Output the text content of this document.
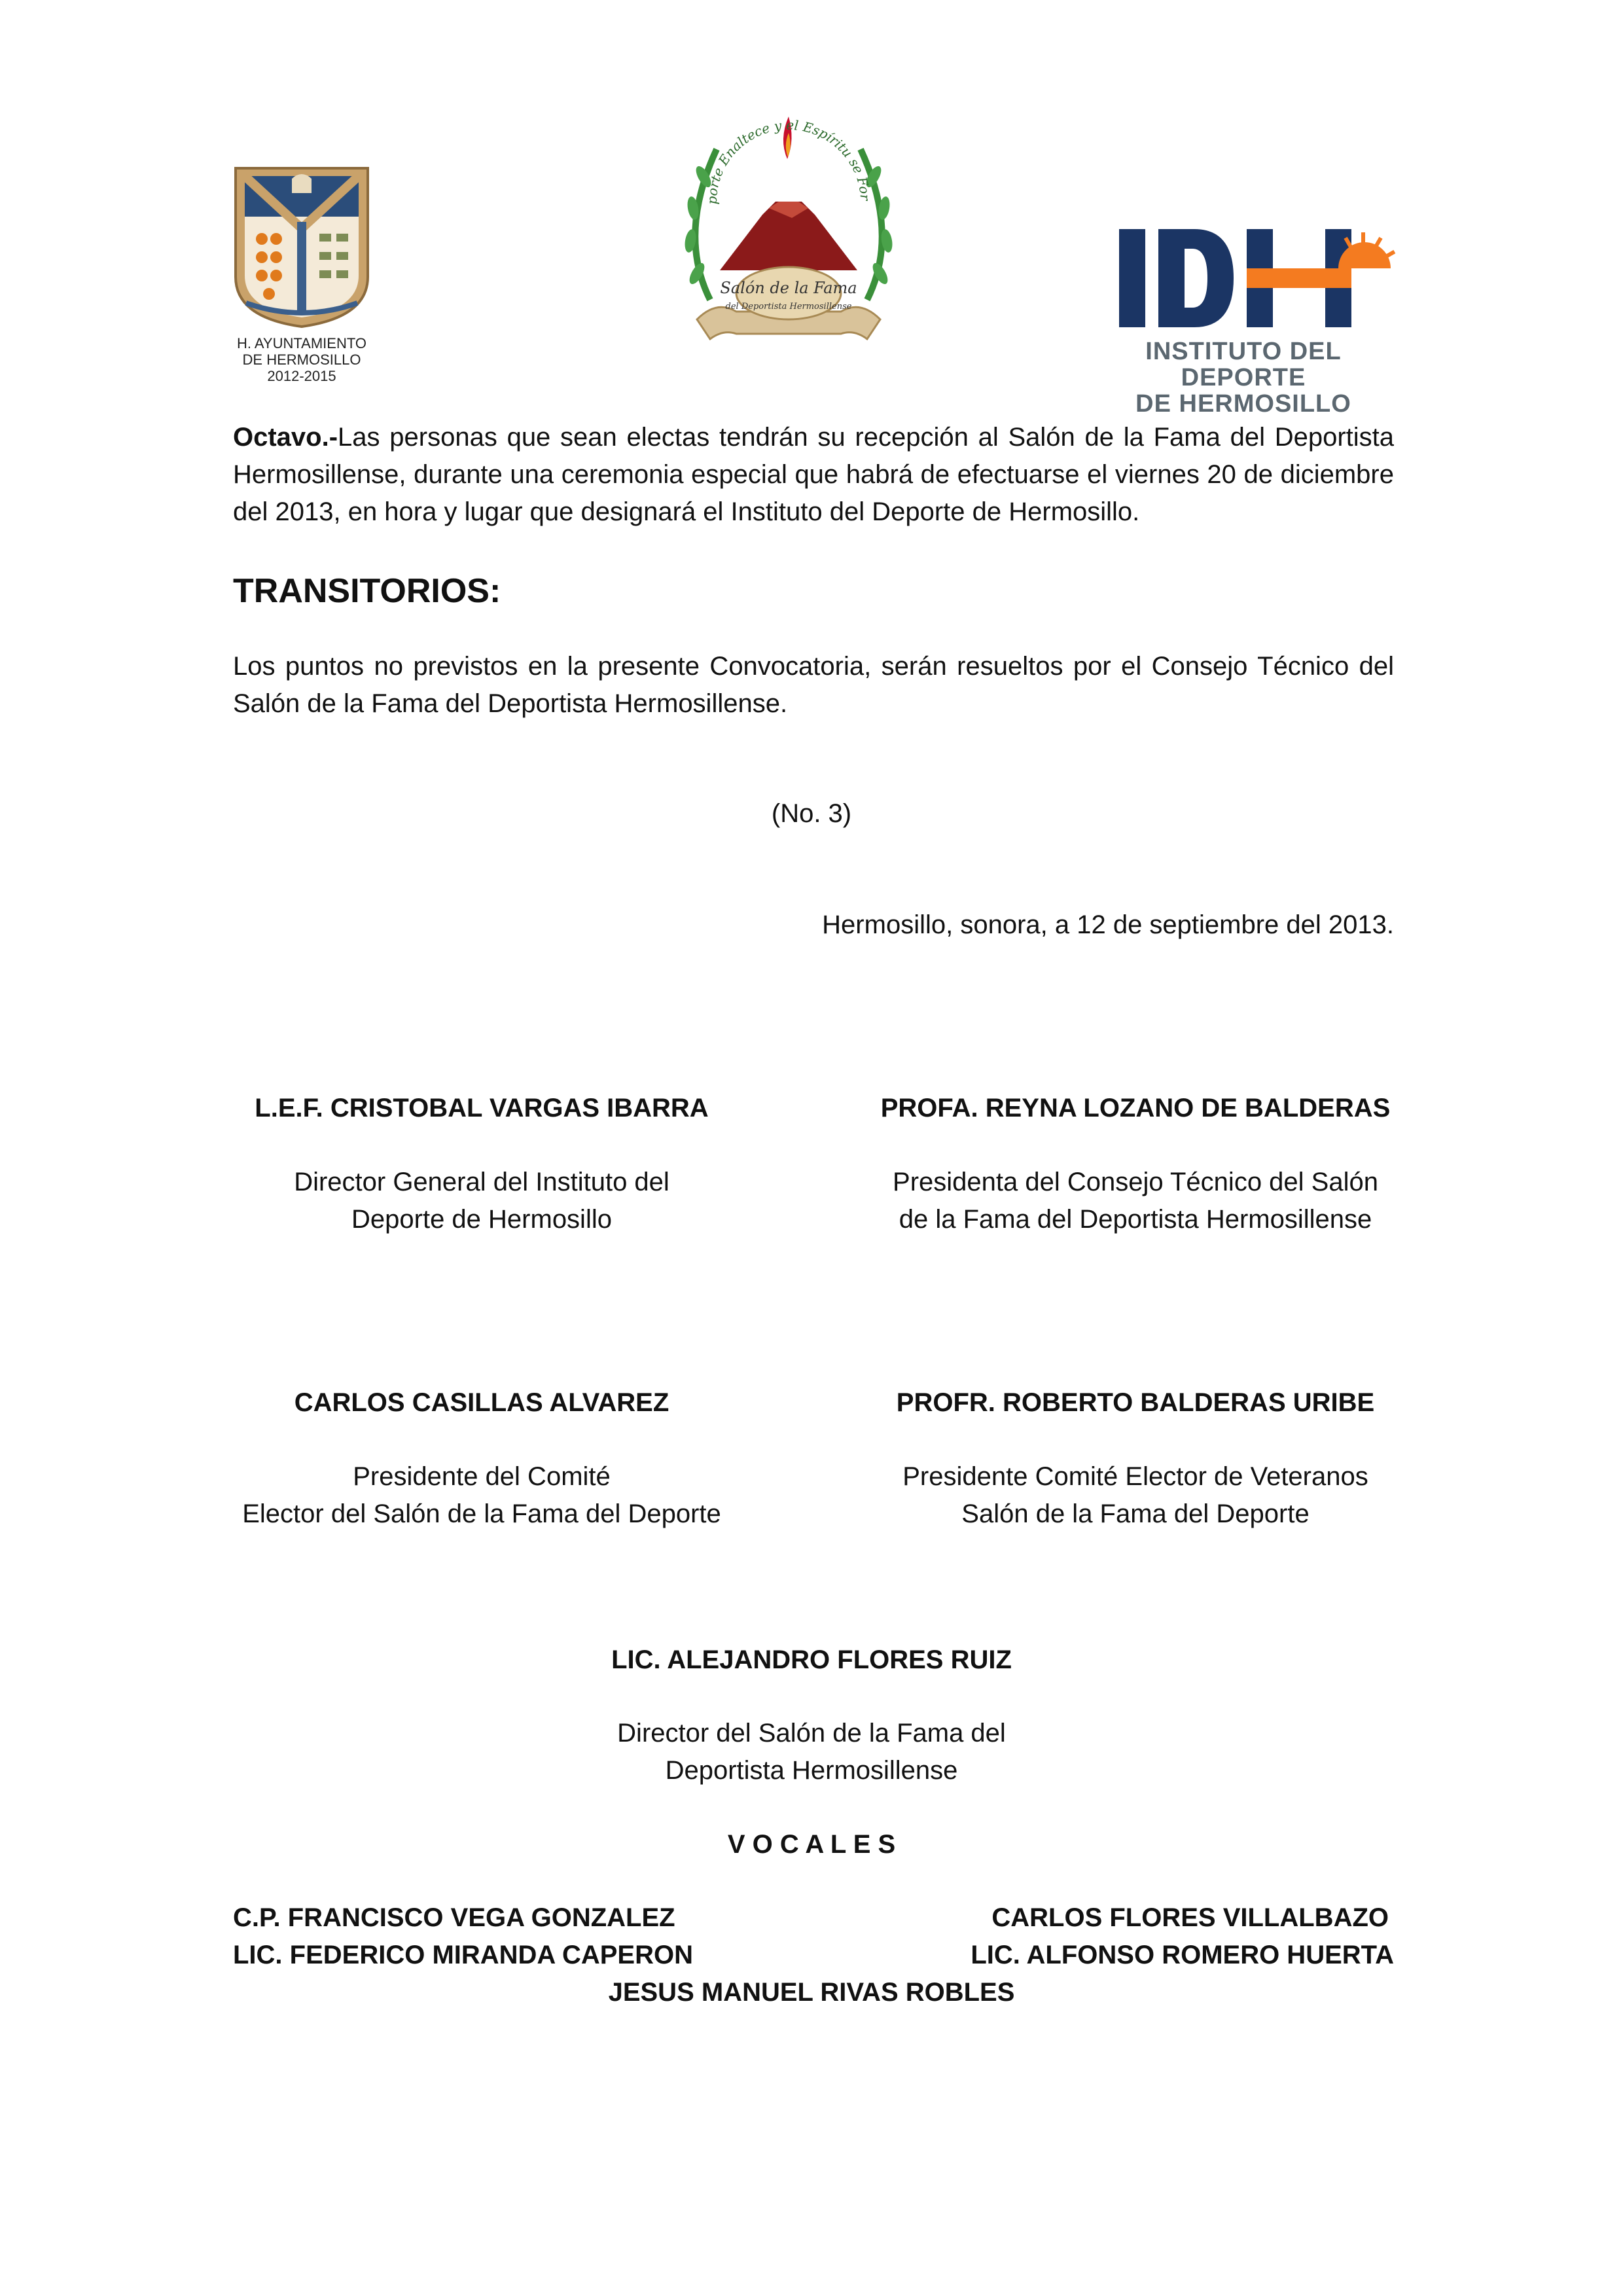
H. AYUNTAMIENTO
DE HERMOSILLO
2012-2015
porte Enaltece y el Espíritu se For
Salón de la Fama
del Deportista Hermosillense
INSTITUTO DEL DEPORTE
DE HERMOSILLO
Octavo.-Las personas que sean electas tendrán su recepción al Salón de la Fama del Deportista Hermosillense, durante una ceremonia especial que habrá de efectuarse el viernes 20 de diciembre del 2013, en hora y lugar que designará el Instituto del Deporte de Hermosillo.
TRANSITORIOS:
Los puntos no previstos en la presente Convocatoria, serán resueltos por el Consejo Técnico del Salón de la Fama del Deportista Hermosillense.
(No. 3)
Hermosillo, sonora, a 12 de septiembre del 2013.
L.E.F. CRISTOBAL VARGAS IBARRA
Director General del Instituto del
Deporte de Hermosillo
PROFA. REYNA LOZANO DE BALDERAS
Presidenta del Consejo Técnico del Salón
de la Fama del Deportista Hermosillense
CARLOS CASILLAS ALVAREZ
Presidente del Comité
Elector del Salón de la Fama del Deporte
PROFR. ROBERTO BALDERAS URIBE
Presidente Comité Elector de Veteranos
Salón de la Fama del Deporte
LIC. ALEJANDRO FLORES RUIZ
Director del Salón de la Fama del
Deportista Hermosillense
V O C A L E S
C.P. FRANCISCO VEGA GONZALEZ
LIC. FEDERICO MIRANDA CAPERON
CARLOS FLORES VILLALBAZO
LIC. ALFONSO ROMERO HUERTA
JESUS MANUEL RIVAS ROBLES
